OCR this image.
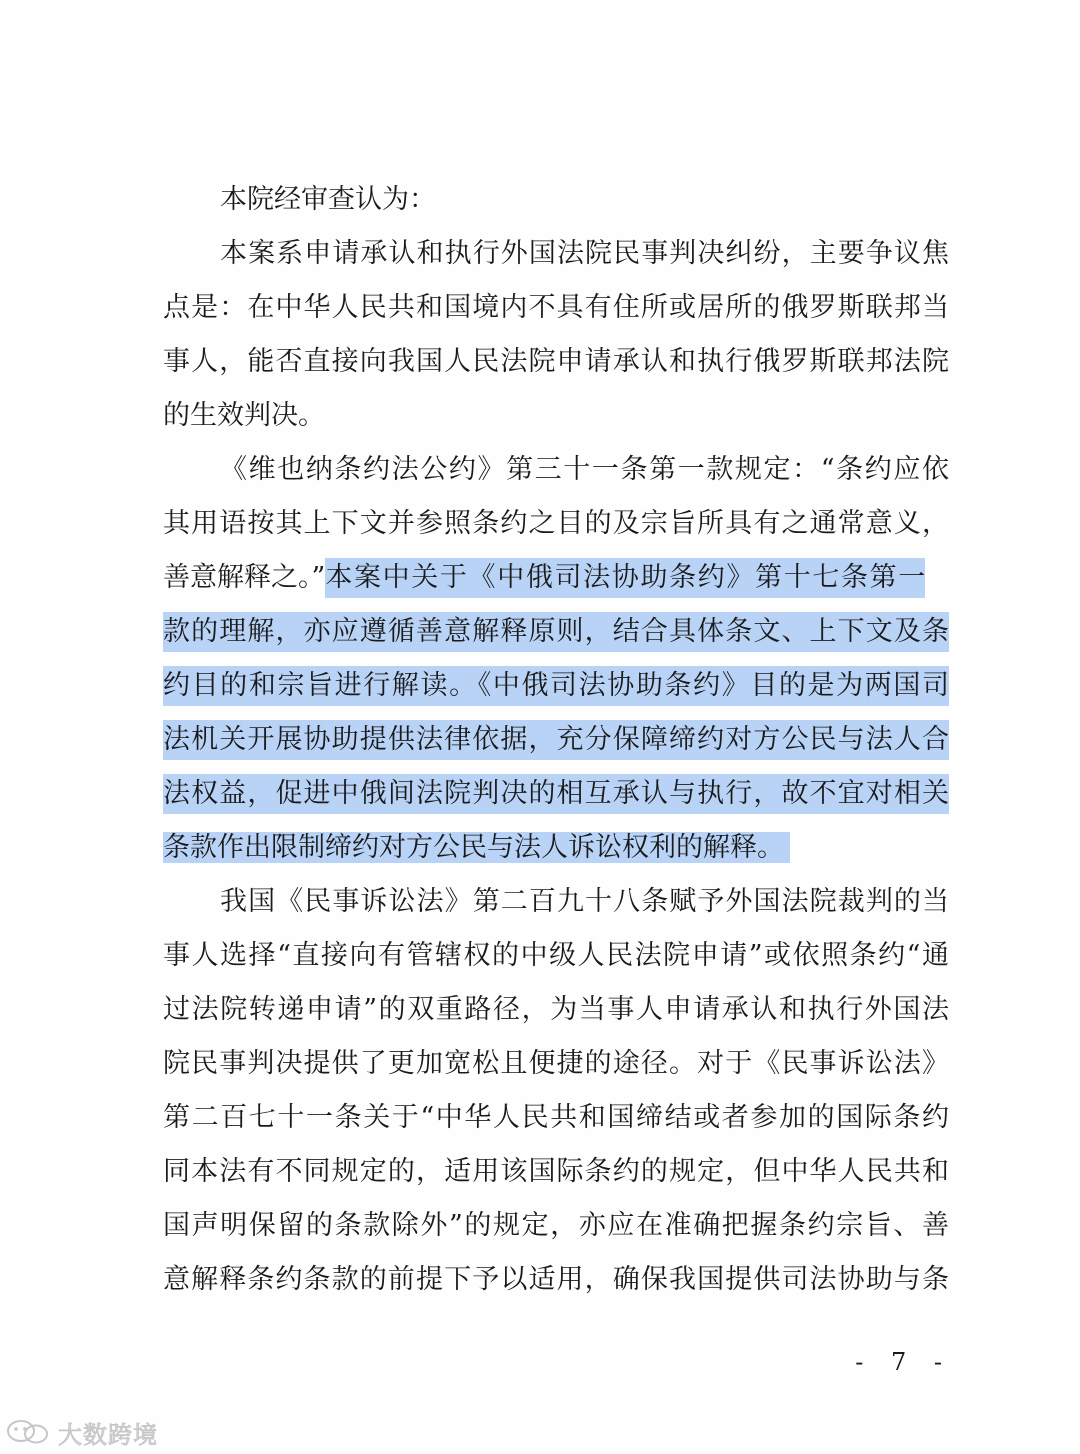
本院经审查认为：
本案系申请承认和执行外国法院民事判决纠纷，主要争议焦
点是：在中华人民共和国境内不具有住所或居所的俄罗斯联邦当
事人，能否直接向我国人民法院申请承认和执行俄罗斯联邦法院
的生效判决。
《维也纳条约法公约》第三十一条第一款规定：“条约应依
其用语按其上下文并参照条约之目的及宗旨所具有之通常意义，
善意解释之。”本案中关于《中俄司法协助条约》第十七条第一
款的理解，亦应遵循善意解释原则，结合具体条文、上下文及条
约目的和宗旨进行解读。《中俄司法协助条约》目的是为两国司
法机关开展协助提供法律依据，充分保障缔约对方公民与法人合
法权益，促进中俄间法院判决的相互承认与执行，故不宜对相关
条款作出限制缔约对方公民与法人诉讼权利的解释。
我国《民事诉讼法》第二百九十八条赋予外国法院裁判的当
事人选择“直接向有管辖权的中级人民法院申请”或依照条约“通
过法院转递申请”的双重路径，为当事人申请承认和执行外国法
院民事判决提供了更加宽松且便捷的途径。对于《民事诉讼法》
第二百七十一条关于“中华人民共和国缔结或者参加的国际条约
同本法有不同规定的，适用该国际条约的规定，但中华人民共和
国声明保留的条款除外”的规定，亦应在准确把握条约宗旨、善
意解释条约条款的前提下予以适用，确保我国提供司法协助与条
- 7 -
大数跨境
